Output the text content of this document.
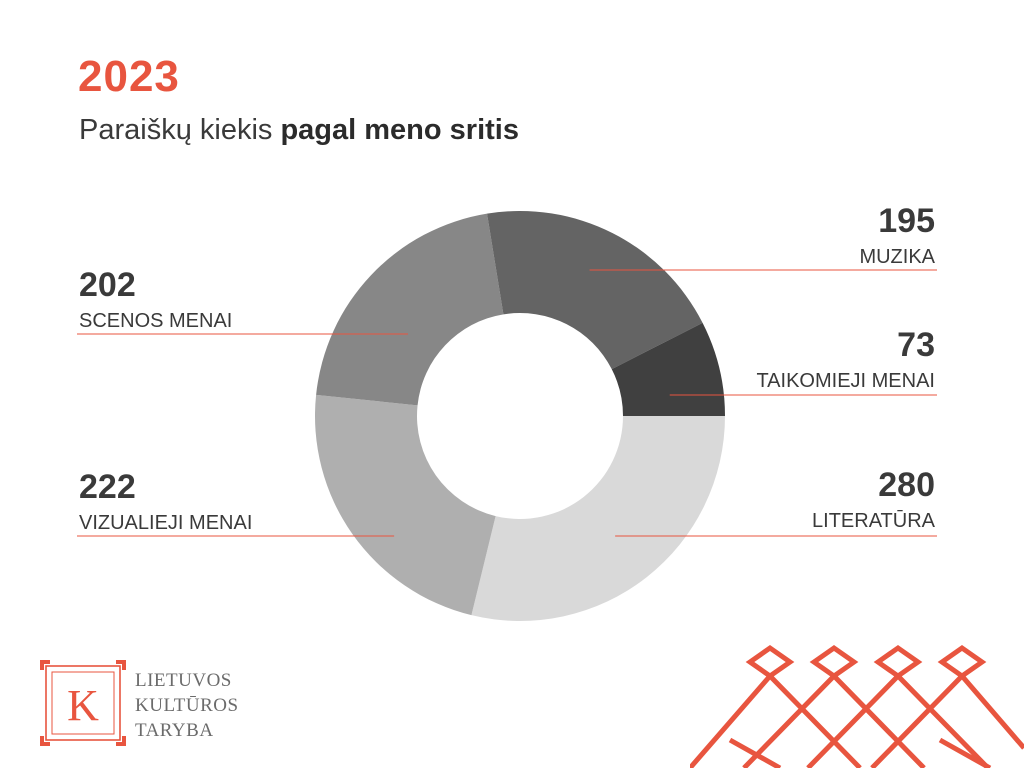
2023
Paraiškų kiekis pagal meno sritis
280
LITERATŪRA
222
VIZUALIEJI MENAI
202
SCENOS MENAI
195
MUZIKA
73
TAIKOMIEJI MENAI
K
LIETUVOS
KULTŪROS
TARYBA
